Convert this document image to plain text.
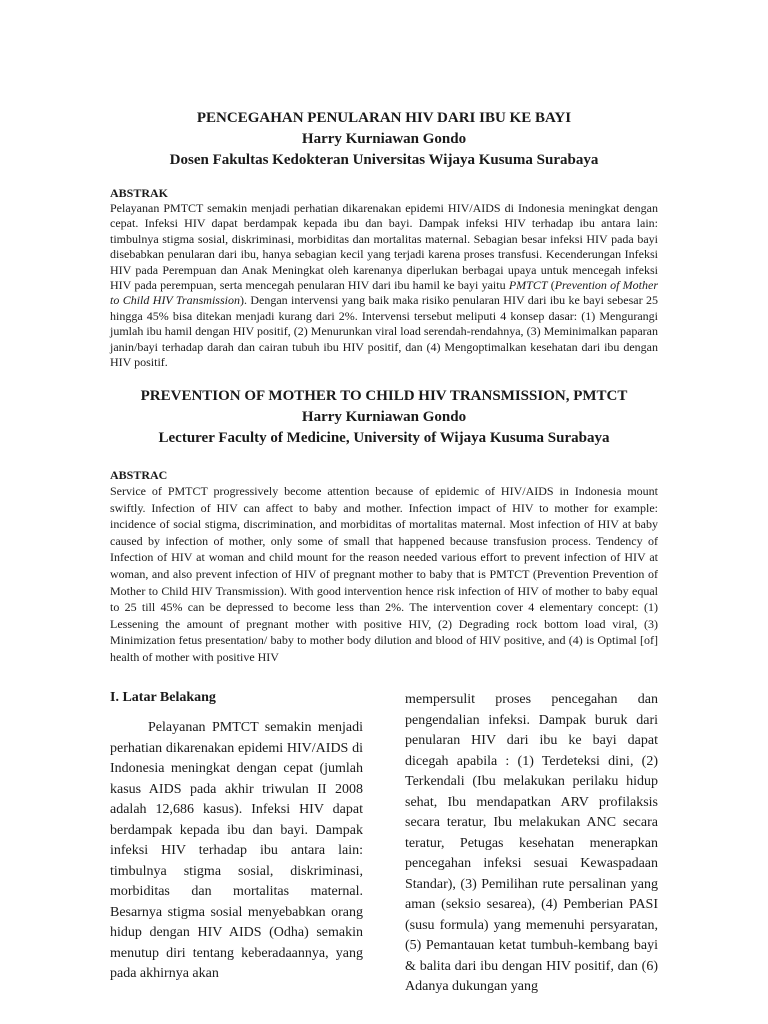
PENCEGAHAN PENULARAN HIV DARI IBU KE BAYI
Harry Kurniawan Gondo
Dosen Fakultas Kedokteran Universitas Wijaya Kusuma Surabaya
ABSTRAK

Pelayanan PMTCT semakin menjadi perhatian dikarenakan epidemi HIV/AIDS di Indonesia meningkat dengan cepat. Infeksi HIV dapat berdampak kepada ibu dan bayi. Dampak infeksi HIV terhadap ibu antara lain: timbulnya stigma sosial, diskriminasi, morbiditas dan mortalitas maternal. Sebagian besar infeksi HIV pada bayi disebabkan penularan dari ibu, hanya sebagian kecil yang terjadi karena proses transfusi. Kecenderungan Infeksi HIV pada Perempuan dan Anak Meningkat oleh karenanya diperlukan berbagai upaya untuk mencegah infeksi HIV pada perempuan, serta mencegah penularan HIV dari ibu hamil ke bayi yaitu PMTCT (Prevention of Mother to Child HIV Transmission). Dengan intervensi yang baik maka risiko penularan HIV dari ibu ke bayi sebesar 25 hingga 45% bisa ditekan menjadi kurang dari 2%. Intervensi tersebut meliputi 4 konsep dasar: (1) Mengurangi jumlah ibu hamil dengan HIV positif, (2) Menurunkan viral load serendah-rendahnya, (3) Meminimalkan paparan janin/bayi terhadap darah dan cairan tubuh ibu HIV positif, dan (4) Mengoptimalkan kesehatan dari ibu dengan HIV positif.

PREVENTION OF MOTHER TO CHILD HIV TRANSMISSION, PMTCT
Harry Kurniawan Gondo
Lecturer Faculty of Medicine, University of Wijaya Kusuma Surabaya
ABSTRAC

Service of PMTCT progressively become attention because of epidemic of HIV/AIDS in Indonesia mount swiftly. Infection of HIV can affect to baby and mother. Infection impact of HIV to mother for example: incidence of social stigma, discrimination, and morbiditas of mortalitas maternal. Most infection of HIV at baby caused by infection of mother, only some of small that happened because transfusion process. Tendency of Infection of HIV at woman and child mount for the reason needed various effort to prevent infection of HIV at woman, and also prevent infection of HIV of pregnant mother to baby that is PMTCT (Prevention Prevention of Mother to Child HIV Transmission). With good intervention hence risk infection of HIV of mother to baby equal to 25 till 45% can be depressed to become less than 2%. The intervention cover 4 elementary concept: (1) Lessening the amount of pregnant mother with positive HIV, (2) Degrading rock bottom load viral, (3) Minimization fetus presentation/ baby to mother body dilution and blood of HIV positive, and (4) is Optimal [of] health of mother with positive HIV

I. Latar Belakang

Pelayanan PMTCT semakin menjadi perhatian dikarenakan epidemi HIV/AIDS di Indonesia meningkat dengan cepat (jumlah kasus AIDS pada akhir triwulan II 2008 adalah 12,686 kasus). Infeksi HIV dapat berdampak kepada ibu dan bayi. Dampak infeksi HIV terhadap ibu antara lain: timbulnya stigma sosial, diskriminasi, morbiditas dan mortalitas maternal. Besarnya stigma sosial menyebabkan orang hidup dengan HIV AIDS (Odha) semakin menutup diri tentang keberadaannya, yang pada akhirnya akan

mempersulit proses pencegahan dan pengendalian infeksi. Dampak buruk dari penularan HIV dari ibu ke bayi dapat dicegah apabila : (1) Terdeteksi dini, (2) Terkendali (Ibu melakukan perilaku hidup sehat, Ibu mendapatkan ARV profilaksis secara teratur, Ibu melakukan ANC secara teratur, Petugas kesehatan menerapkan pencegahan infeksi sesuai Kewaspadaan Standar), (3) Pemilihan rute persalinan yang aman (seksio sesarea), (4) Pemberian PASI (susu formula) yang memenuhi persyaratan, (5) Pemantauan ketat tumbuh-kembang bayi & balita dari ibu dengan HIV positif, dan (6) Adanya dukungan yang
